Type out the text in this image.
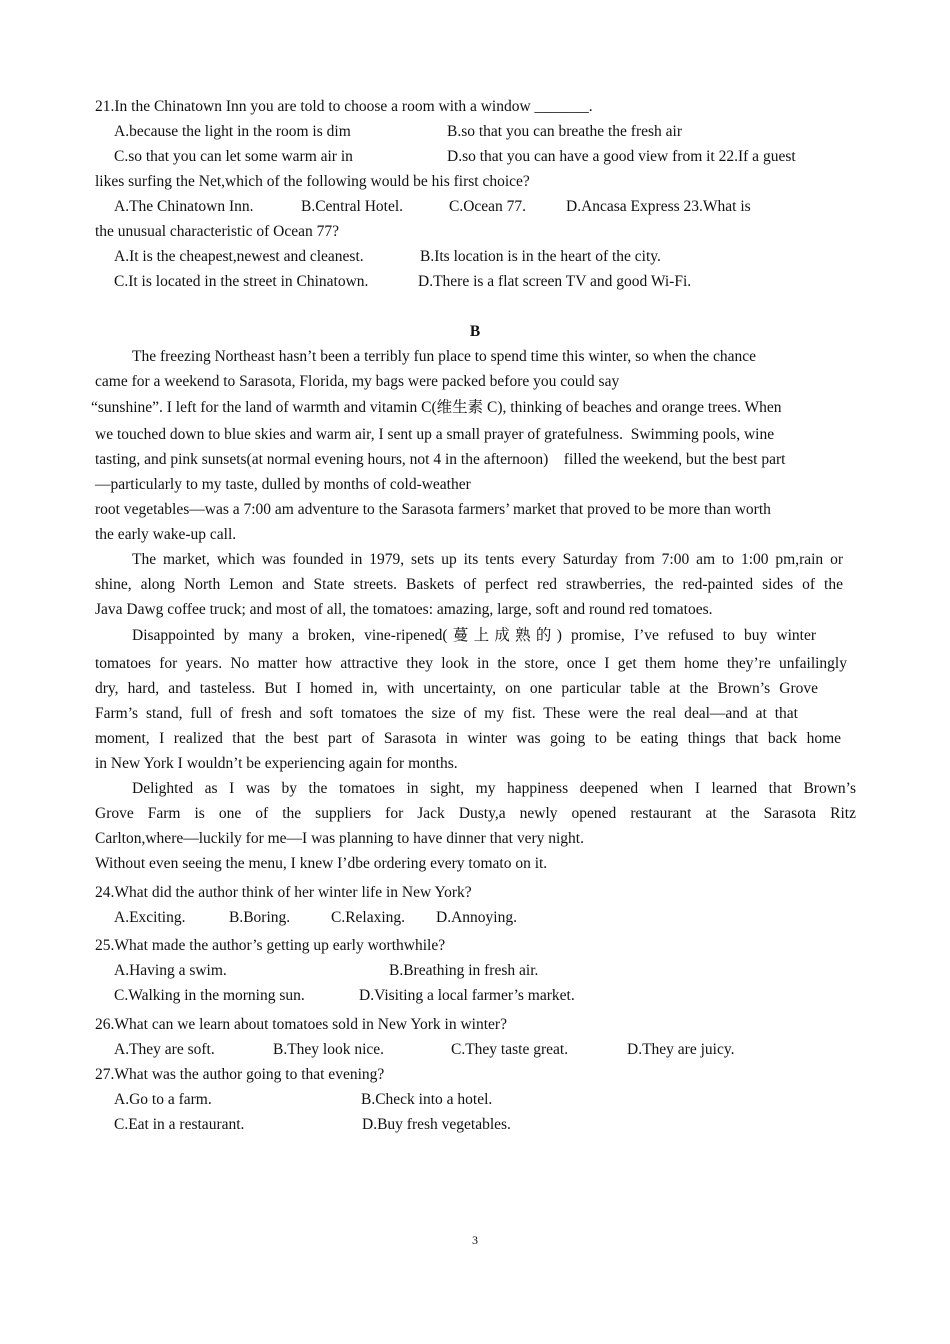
21.In the Chinatown Inn you are told to choose a room with a window _______.
A.because the light in the room is dim	B.so that you can breathe the fresh air
C.so that you can let some warm air in	D.so that you can have a good view from it 22.If a guest
likes surfing the Net,which of the following would be his first choice?
A.The Chinatown Inn.	B.Central Hotel.	C.Ocean 77.	D.Ancasa Express 23.What is
the unusual characteristic of Ocean 77?
A.It is the cheapest,newest and cleanest.	B.Its location is in the heart of the city.
C.It is located in the street in Chinatown.	D.There is a flat screen TV and good Wi-Fi.
B
The freezing Northeast hasn’t been a terribly fun place to spend time this winter, so when the chance
came for a weekend to Sarasota, Florida, my bags were packed before you could say
“sunshine”. I left for the land of warmth and vitamin C(维生素 C), thinking of beaches and orange trees. When
we touched down to blue skies and warm air, I sent up a small prayer of gratefulness.  Swimming pools, wine
tasting, and pink sunsets(at normal evening hours, not 4 in the afternoon)    filled the weekend, but the best part
—particularly to my taste, dulled by months of cold-weather
root vegetables—was a 7:00 am adventure to the Sarasota farmers’ market that proved to be more than worth
the early wake-up call.
The market, which was founded in 1979, sets up its tents every Saturday from 7:00 am to 1:00 pm,rain or
shine, along North Lemon and State streets. Baskets of perfect red strawberries, the red-painted sides of the
Java Dawg coffee truck; and most of all, the tomatoes: amazing, large, soft and round red tomatoes.
Disappointed by many a broken, vine-ripened(蔓上成熟的) promise, I’ve refused to buy winter
tomatoes for years. No matter how attractive they look in the store, once I get them home they’re unfailingly
dry, hard, and tasteless. But I homed in, with uncertainty, on one particular table at the Brown’s Grove
Farm’s stand, full of fresh and soft tomatoes the size of my fist. These were the real deal—and at that
moment, I realized that the best part of Sarasota in winter was going to be eating things that back home
in New York I wouldn’t be experiencing again for months.
Delighted as I was by the tomatoes in sight, my happiness deepened when I learned that Brown’s
Grove Farm is one of the suppliers for Jack Dusty,a newly opened restaurant at the Sarasota Ritz
Carlton,where—luckily for me—I was planning to have dinner that very night.
Without even seeing the menu, I knew I’dbe ordering every tomato on it.
24.What did the author think of her winter life in New York?
A.Exciting.	B.Boring.	C.Relaxing. D.Annoying.
25.What made the author’s getting up early worthwhile?
A.Having a swim.	B.Breathing in fresh air.
C.Walking in the morning sun.	D.Visiting a local farmer’s market.
26.What can we learn about tomatoes sold in New York in winter?
A.They are soft.	B.They look nice.	C.They taste great.	D.They are juicy.
27.What was the author going to that evening?
A.Go to a farm.	B.Check into a hotel.
C.Eat in a restaurant.	D.Buy fresh vegetables.
3
